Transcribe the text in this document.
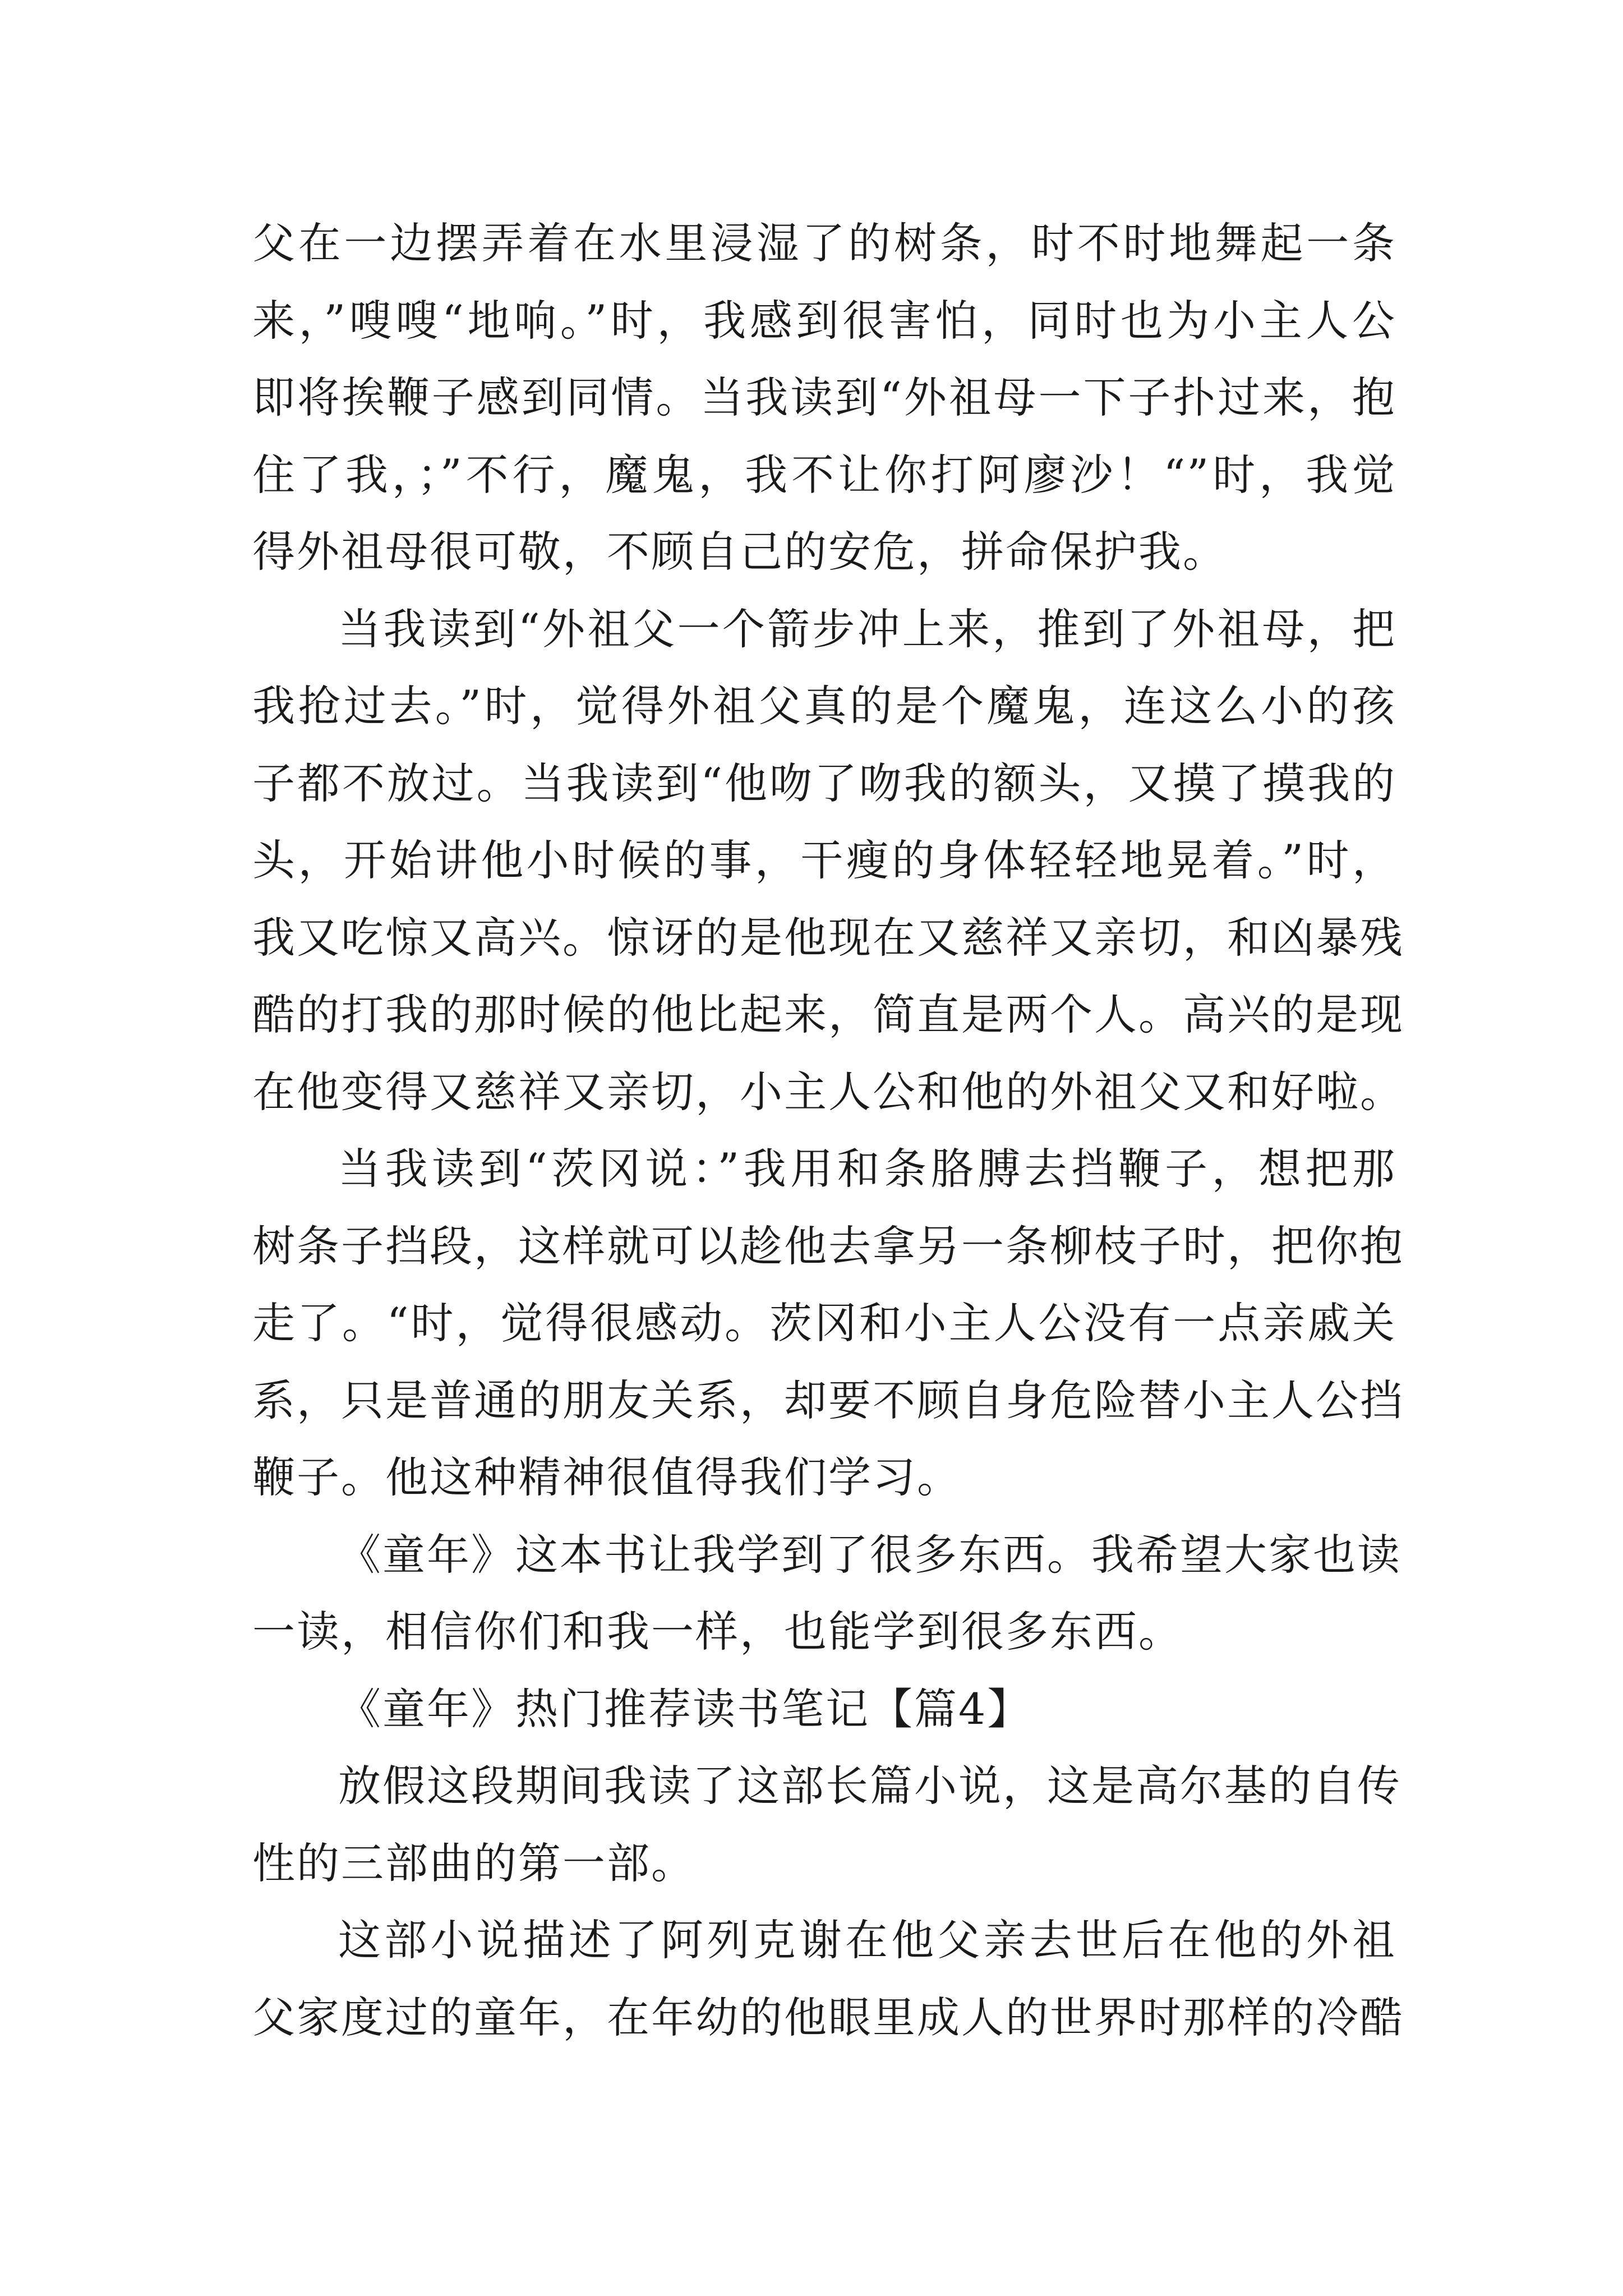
父在一边摆弄着在水里浸湿了的树条，时不时地舞起一条
来，”嗖嗖“地响。”时，我感到很害怕，同时也为小主人公
即将挨鞭子感到同情。当我读到“外祖母一下子扑过来，抱
住了我，；”不行，魔鬼，我不让你打阿廖沙！“”时，我觉
得外祖母很可敬，不顾自己的安危，拼命保护我。
当我读到“外祖父一个箭步冲上来，推到了外祖母，把
我抢过去。”时，觉得外祖父真的是个魔鬼，连这么小的孩
子都不放过。当我读到“他吻了吻我的额头，又摸了摸我的
头，开始讲他小时候的事，干瘦的身体轻轻地晃着。”时，
我又吃惊又高兴。惊讶的是他现在又慈祥又亲切，和凶暴残
酷的打我的那时候的他比起来，简直是两个人。高兴的是现
在他变得又慈祥又亲切，小主人公和他的外祖父又和好啦。
当我读到“茨冈说：”我用和条胳膊去挡鞭子，想把那
树条子挡段，这样就可以趁他去拿另一条柳枝子时，把你抱
走了。“时，觉得很感动。茨冈和小主人公没有一点亲戚关
系，只是普通的朋友关系，却要不顾自身危险替小主人公挡
鞭子。他这种精神很值得我们学习。
《童年》这本书让我学到了很多东西。我希望大家也读
一读，相信你们和我一样，也能学到很多东西。
《童年》热门推荐读书笔记【篇4】
放假这段期间我读了这部长篇小说，这是高尔基的自传
性的三部曲的第一部。
这部小说描述了阿列克谢在他父亲去世后在他的外祖
父家度过的童年，在年幼的他眼里成人的世界时那样的冷酷
